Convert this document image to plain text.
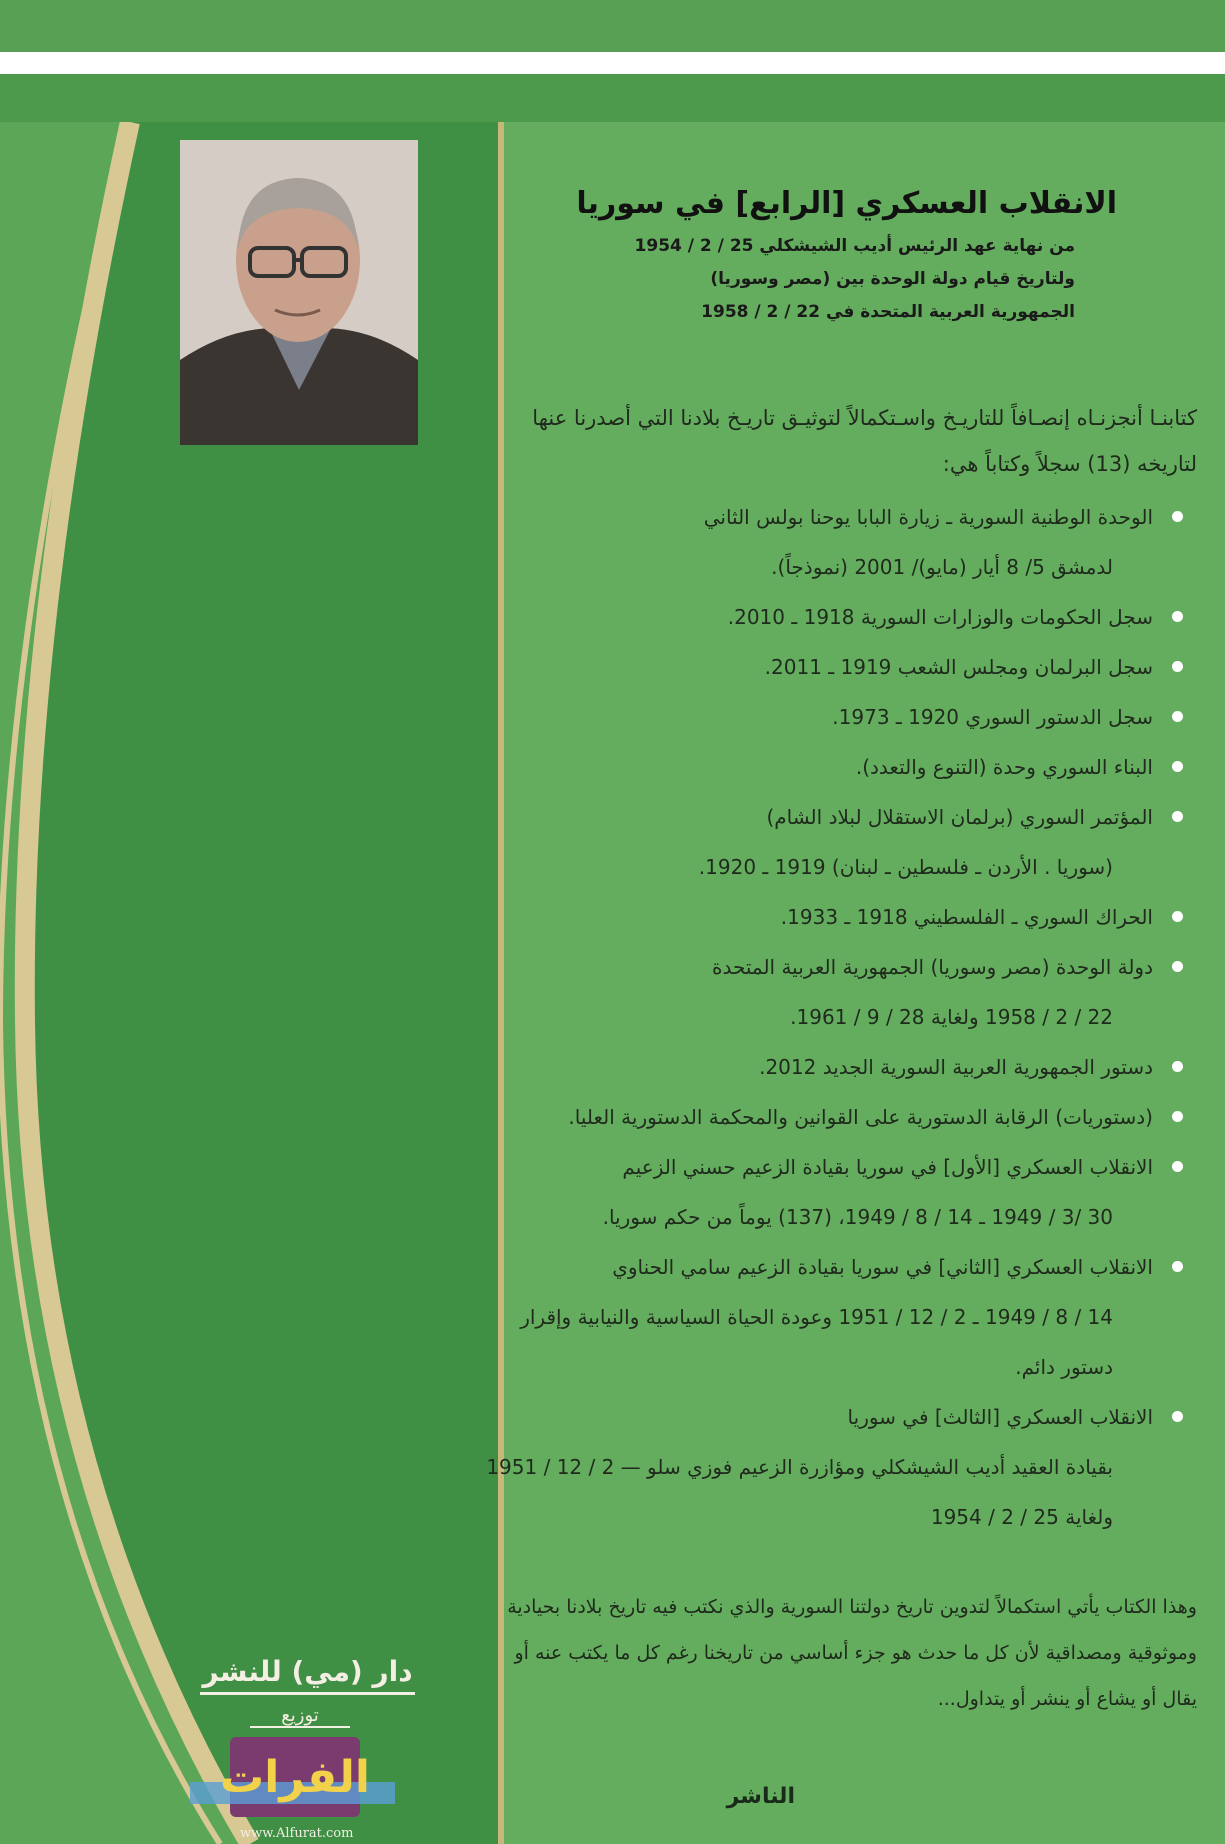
الانقلاب العسكري [الرابع] في سوريا
من نهاية عهد الرئيس أديب الشيشكلي 25 / 2 / 1954
ولتاريخ قيام دولة الوحدة بين (مصر وسوريا)
الجمهورية العربية المتحدة في 22 / 2 / 1958
كتابنـا أنجزنـاه إنصـافاً للتاريـخ واسـتكمالاً لتوثيـق تاريـخ بلادنا التي أصدرنا عنها لتاريخه (13) سجلاً وكتاباً هي:
الوحدة الوطنية السورية ـ زيارة البابا يوحنا بولس الثاني
لدمشق 5/ 8 أيار (مايو)/ 2001 (نموذجاً).
سجل الحكومات والوزارات السورية 1918 ـ 2010.
سجل البرلمان ومجلس الشعب 1919 ـ 2011.
سجل الدستور السوري 1920 ـ 1973.
البناء السوري وحدة (التنوع والتعدد).
المؤتمر السوري (برلمان الاستقلال لبلاد الشام)
(سوريا . الأردن ـ فلسطين ـ لبنان) 1919 ـ 1920.
الحراك السوري ـ الفلسطيني 1918 ـ 1933.
دولة الوحدة (مصر وسوريا) الجمهورية العربية المتحدة
22 / 2 / 1958 ولغاية 28 / 9 / 1961.
دستور الجمهورية العربية السورية الجديد 2012.
(دستوريات) الرقابة الدستورية على القوانين والمحكمة الدستورية العليا.
الانقلاب العسكري [الأول] في سوريا بقيادة الزعيم حسني الزعيم
30 /3 / 1949 ـ 14 / 8 / 1949، (137) يوماً من حكم سوريا.
الانقلاب العسكري [الثاني] في سوريا بقيادة الزعيم سامي الحناوي
14 / 8 / 1949 ـ 2 / 12 / 1951 وعودة الحياة السياسية والنيابية وإقرار دستور دائم.
الانقلاب العسكري [الثالث] في سوريا
بقيادة العقيد أديب الشيشكلي ومؤازرة الزعيم فوزي سلو — 2 / 12 / 1951 ولغاية 25 / 2 / 1954
وهذا الكتاب يأتي استكمالاً لتدوين تاريخ دولتنا السورية والذي نكتب فيه تاريخ بلادنا بحيادية وموثوقية ومصداقية لأن كل ما حدث هو جزء أساسي من تاريخنا رغم كل ما يكتب عنه أو يقال أو يشاع أو ينشر أو يتداول...
الناشر
دار (مي) للنشر
توزيع
الفرات
www.Alfurat.com
